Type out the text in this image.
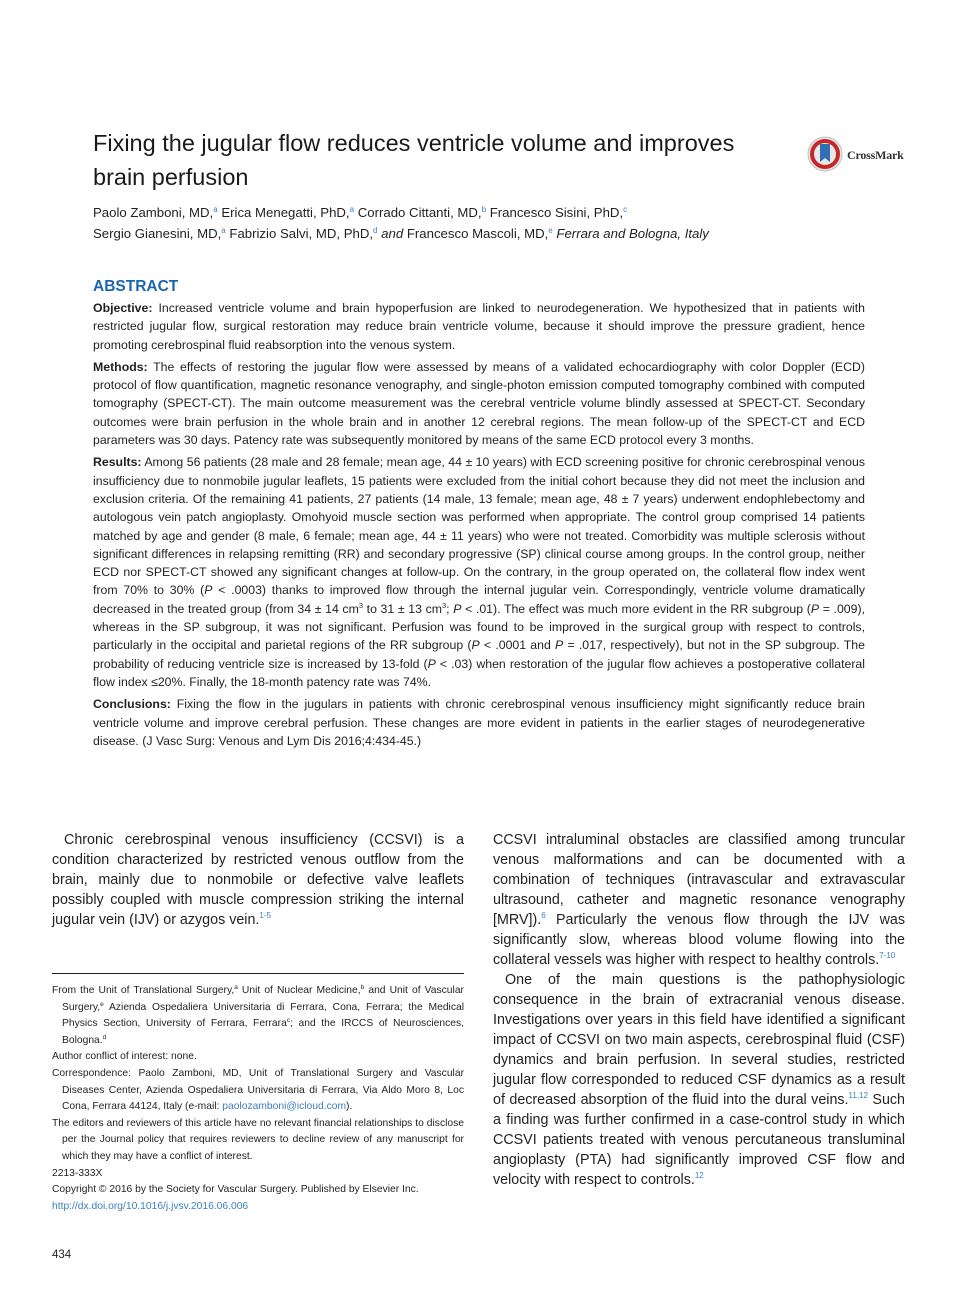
Fixing the jugular flow reduces ventricle volume and improves brain perfusion
CrossMark
Paolo Zamboni, MD,$^a$ Erica Menegatti, PhD,$^a$ Corrado Cittanti, MD,$^b$ Francesco Sisini, PhD,$^c$
Sergio Gianesini, MD,$^a$ Fabrizio Salvi, MD, PhD,$^d$ and Francesco Mascoli, MD,$^e$ Ferrara and Bologna, Italy
ABSTRACT

Objective: Increased ventricle volume and brain hypoperfusion are linked to neurodegeneration. We hypothesized that in patients with restricted jugular flow, surgical restoration may reduce brain ventricle volume, because it should improve the pressure gradient, hence promoting cerebrospinal fluid reabsorption into the venous system.

Methods: The effects of restoring the jugular flow were assessed by means of a validated echocardiography with color Doppler (ECD) protocol of flow quantification, magnetic resonance venography, and single-photon emission computed tomography combined with computed tomography (SPECT-CT). The main outcome measurement was the cerebral ventricle volume blindly assessed at SPECT-CT. Secondary outcomes were brain perfusion in the whole brain and in another 12 cerebral regions. The mean follow-up of the SPECT-CT and ECD parameters was 30 days. Patency rate was subsequently monitored by means of the same ECD protocol every 3 months.

Results: Among 56 patients (28 male and 28 female; mean age, 44 ± 10 years) with ECD screening positive for chronic cerebrospinal venous insufficiency due to nonmobile jugular leaflets, 15 patients were excluded from the initial cohort because they did not meet the inclusion and exclusion criteria. Of the remaining 41 patients, 27 patients (14 male, 13 female; mean age, 48 ± 7 years) underwent endophlebectomy and autologous vein patch angioplasty. Omohyoid muscle section was performed when appropriate. The control group comprised 14 patients matched by age and gender (8 male, 6 female; mean age, 44 ± 11 years) who were not treated. Comorbidity was multiple sclerosis without significant differences in relapsing remitting (RR) and secondary progressive (SP) clinical course among groups. In the control group, neither ECD nor SPECT-CT showed any significant changes at follow-up. On the contrary, in the group operated on, the collateral flow index went from 70% to 30% (P < .0003) thanks to improved flow through the internal jugular vein. Correspondingly, ventricle volume dramatically decreased in the treated group (from 34 ± 14 $cm^3$ to 31 ± 13 $cm^3$; P < .01). The effect was much more evident in the RR subgroup (P = .009), whereas in the SP subgroup, it was not significant. Perfusion was found to be improved in the surgical group with respect to controls, particularly in the occipital and parietal regions of the RR subgroup (P < .0001 and P = .017, respectively), but not in the SP subgroup. The probability of reducing ventricle size is increased by 13-fold (P < .03) when restoration of the jugular flow achieves a postoperative collateral flow index ≤20%. Finally, the 18-month patency rate was 74%.

Conclusions: Fixing the flow in the jugulars in patients with chronic cerebrospinal venous insufficiency might significantly reduce brain ventricle volume and improve cerebral perfusion. These changes are more evident in patients in the earlier stages of neurodegenerative disease. (J Vasc Surg: Venous and Lym Dis 2016;4:434-45.)

Chronic cerebrospinal venous insufficiency (CCSVI) is a condition characterized by restricted venous outflow from the brain, mainly due to nonmobile or defective valve leaflets possibly coupled with muscle compression striking the internal jugular vein (IJV) or azygos vein.$^{1-5}$

From the Unit of Translational Surgery,$^a$ Unit of Nuclear Medicine,$^b$ and Unit of Vascular Surgery,$^e$ Azienda Ospedaliera Universitaria di Ferrara, Cona, Ferrara; the Medical Physics Section, University of Ferrara, Ferrara$^c$; and the IRCCS of Neurosciences, Bologna.$^d$

Author conflict of interest: none.

Correspondence: Paolo Zamboni, MD, Unit of Translational Surgery and Vascular Diseases Center, Azienda Ospedaliera Universitaria di Ferrara, Via Aldo Moro 8, Loc Cona, Ferrara 44124, Italy (e-mail: paolozamboni@icloud.com).

The editors and reviewers of this article have no relevant financial relationships to disclose per the Journal policy that requires reviewers to decline review of any manuscript for which they may have a conflict of interest.

2213-333X

Copyright © 2016 by the Society for Vascular Surgery. Published by Elsevier Inc.

http://dx.doi.org/10.1016/j.jvsv.2016.06.006

CCSVI intraluminal obstacles are classified among truncular venous malformations and can be documented with a combination of techniques (intravascular and extravascular ultrasound, catheter and magnetic resonance venography [MRV]).$^6$ Particularly the venous flow through the IJV was significantly slow, whereas blood volume flowing into the collateral vessels was higher with respect to healthy controls.$^{7-10}$

One of the main questions is the pathophysiologic consequence in the brain of extracranial venous disease. Investigations over years in this field have identified a significant impact of CCSVI on two main aspects, cerebrospinal fluid (CSF) dynamics and brain perfusion. In several studies, restricted jugular flow corresponded to reduced CSF dynamics as a result of decreased absorption of the fluid into the dural veins.$^{11,12}$ Such a finding was further confirmed in a case-control study in which CCSVI patients treated with venous percutaneous transluminal angioplasty (PTA) had significantly improved CSF flow and velocity with respect to controls.$^{12}$

434
